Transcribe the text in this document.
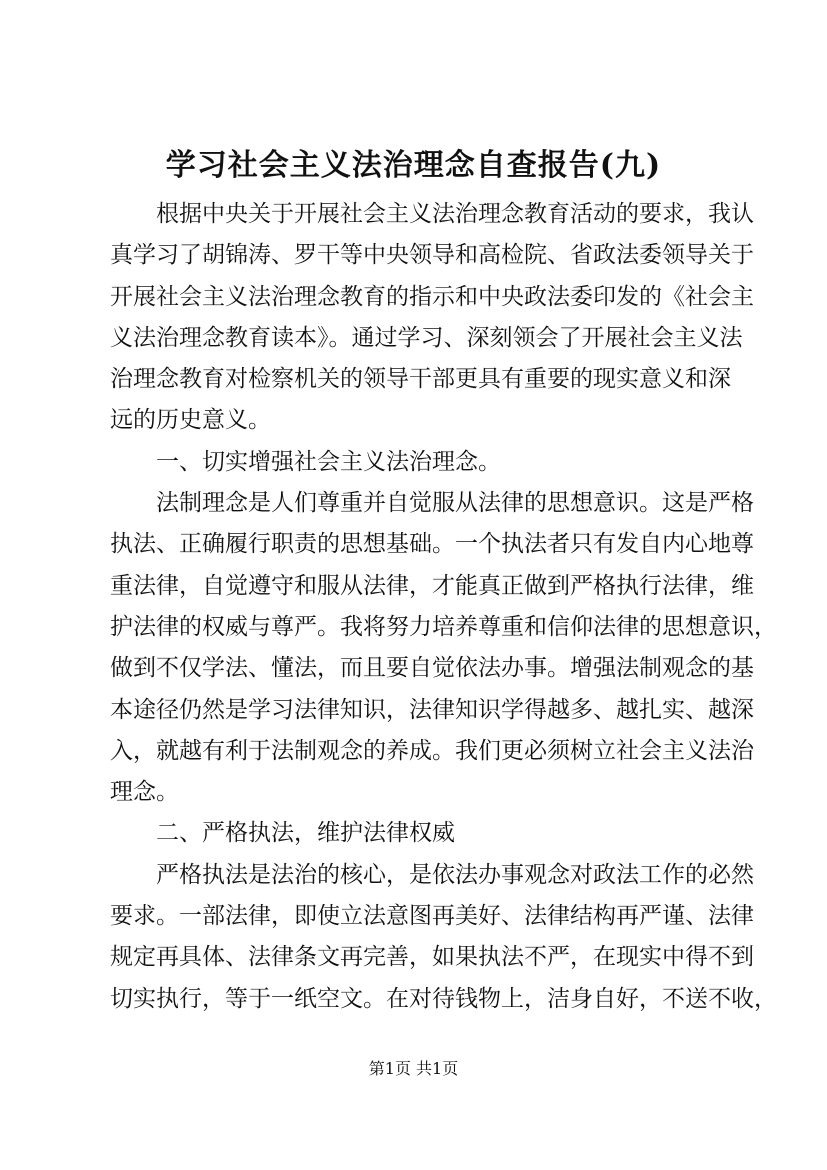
学习社会主义法治理念自查报告(九)
根据中央关于开展社会主义法治理念教育活动的要求，我认
真学习了胡锦涛、罗干等中央领导和高检院、省政法委领导关于
开展社会主义法治理念教育的指示和中央政法委印发的《社会主
义法治理念教育读本》。通过学习、深刻领会了开展社会主义法
治理念教育对检察机关的领导干部更具有重要的现实意义和深
远的历史意义。
一、切实增强社会主义法治理念。
法制理念是人们尊重并自觉服从法律的思想意识。这是严格
执法、正确履行职责的思想基础。一个执法者只有发自内心地尊
重法律，自觉遵守和服从法律，才能真正做到严格执行法律，维
护法律的权威与尊严。我将努力培养尊重和信仰法律的思想意识，
做到不仅学法、懂法，而且要自觉依法办事。增强法制观念的基
本途径仍然是学习法律知识，法律知识学得越多、越扎实、越深
入，就越有利于法制观念的养成。我们更必须树立社会主义法治
理念。
二、严格执法，维护法律权威
严格执法是法治的核心，是依法办事观念对政法工作的必然
要求。一部法律，即使立法意图再美好、法律结构再严谨、法律
规定再具体、法律条文再完善，如果执法不严，在现实中得不到
切实执行，等于一纸空文。在对待钱物上，洁身自好，不送不收，
第1页 共1页
